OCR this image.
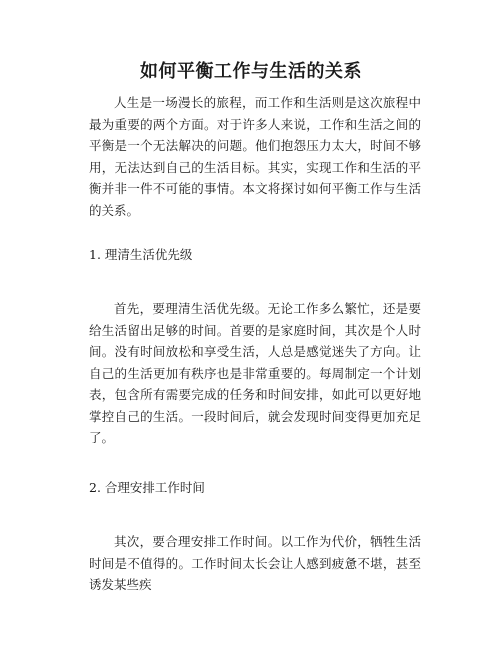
如何平衡工作与生活的关系

人生是一场漫长的旅程，而工作和生活则是这次旅程中最为重要的两个方面。对于许多人来说，工作和生活之间的平衡是一个无法解决的问题。他们抱怨压力太大，时间不够用，无法达到自己的生活目标。其实，实现工作和生活的平衡并非一件不可能的事情。本文将探讨如何平衡工作与生活的关系。

1. 理清生活优先级

首先，要理清生活优先级。无论工作多么繁忙，还是要给生活留出足够的时间。首要的是家庭时间，其次是个人时间。没有时间放松和享受生活，人总是感觉迷失了方向。让自己的生活更加有秩序也是非常重要的。每周制定一个计划表，包含所有需要完成的任务和时间安排，如此可以更好地掌控自己的生活。一段时间后，就会发现时间变得更加充足了。

2. 合理安排工作时间

其次，要合理安排工作时间。以工作为代价，牺牲生活时间是不值得的。工作时间太长会让人感到疲惫不堪，甚至诱发某些疾
